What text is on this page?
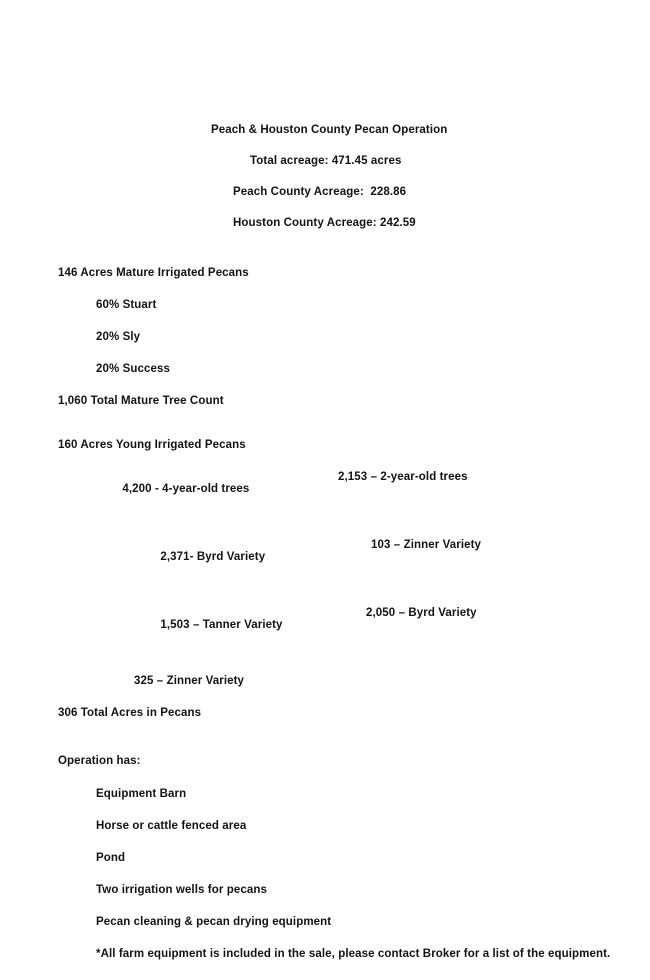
Peach & Houston County Pecan Operation
Total acreage: 471.45 acres
Peach County Acreage:  228.86
Houston County Acreage: 242.59
146 Acres Mature Irrigated Pecans
60% Stuart
20% Sly
20% Success
1,060 Total Mature Tree Count
160 Acres Young Irrigated Pecans

4,200 - 4-year-old trees

2,153 – 2-year-old trees

2,371- Byrd Variety

103 – Zinner Variety

1,503 – Tanner Variety

2,050 – Byrd Variety

325 – Zinner Variety
306 Total Acres in Pecans
Operation has:
Equipment Barn
Horse or cattle fenced area
Pond
Two irrigation wells for pecans
Pecan cleaning & pecan drying equipment
*All farm equipment is included in the sale, please contact Broker for a list of the equipment.
